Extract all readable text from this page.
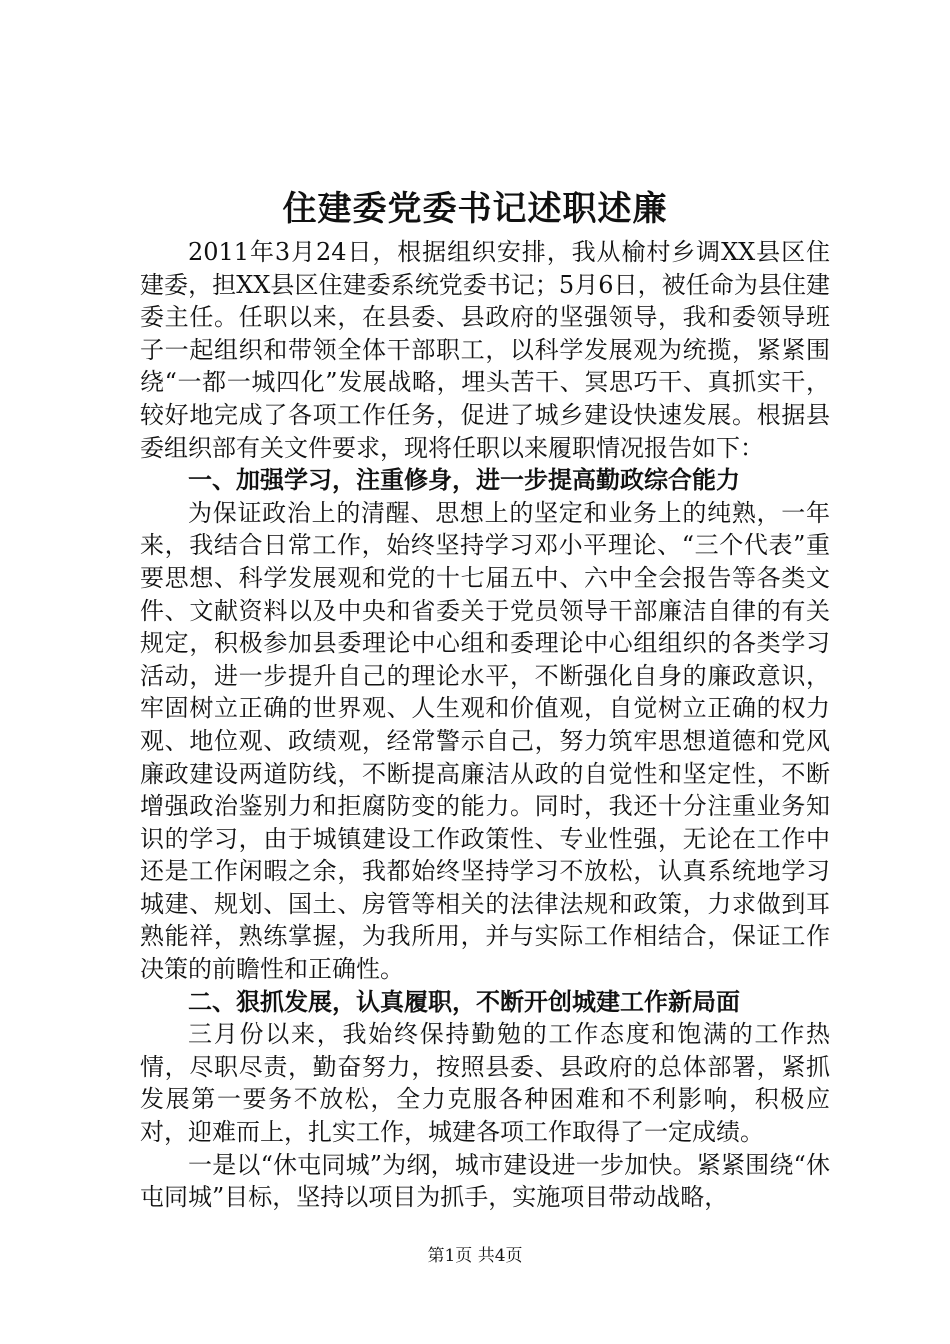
住建委党委书记述职述廉

2011年3月24日，根据组织安排，我从榆村乡调XX县区住建委，担XX县区住建委系统党委书记；5月6日，被任命为县住建委主任。任职以来，在县委、县政府的坚强领导，我和委领导班子一起组织和带领全体干部职工，以科学发展观为统揽，紧紧围绕“一都一城四化”发展战略，埋头苦干、冥思巧干、真抓实干，较好地完成了各项工作任务，促进了城乡建设快速发展。根据县委组织部有关文件要求，现将任职以来履职情况报告如下：

一、加强学习，注重修身，进一步提高勤政综合能力

为保证政治上的清醒、思想上的坚定和业务上的纯熟，一年来，我结合日常工作，始终坚持学习邓小平理论、“三个代表”重要思想、科学发展观和党的十七届五中、六中全会报告等各类文件、文献资料以及中央和省委关于党员领导干部廉洁自律的有关规定，积极参加县委理论中心组和委理论中心组组织的各类学习活动，进一步提升自己的理论水平，不断强化自身的廉政意识，牢固树立正确的世界观、人生观和价值观，自觉树立正确的权力观、地位观、政绩观，经常警示自己，努力筑牢思想道德和党风廉政建设两道防线，不断提高廉洁从政的自觉性和坚定性，不断增强政治鉴别力和拒腐防变的能力。同时，我还十分注重业务知识的学习，由于城镇建设工作政策性、专业性强，无论在工作中还是工作闲暇之余，我都始终坚持学习不放松，认真系统地学习城建、规划、国土、房管等相关的法律法规和政策，力求做到耳熟能祥，熟练掌握，为我所用，并与实际工作相结合，保证工作决策的前瞻性和正确性。

二、狠抓发展，认真履职，不断开创城建工作新局面

三月份以来，我始终保持勤勉的工作态度和饱满的工作热情，尽职尽责，勤奋努力，按照县委、县政府的总体部署，紧抓发展第一要务不放松，全力克服各种困难和不利影响，积极应对，迎难而上，扎实工作，城建各项工作取得了一定成绩。

一是以“休屯同城”为纲，城市建设进一步加快。紧紧围绕“休屯同城”目标，坚持以项目为抓手，实施项目带动战略，

第1页 共4页
